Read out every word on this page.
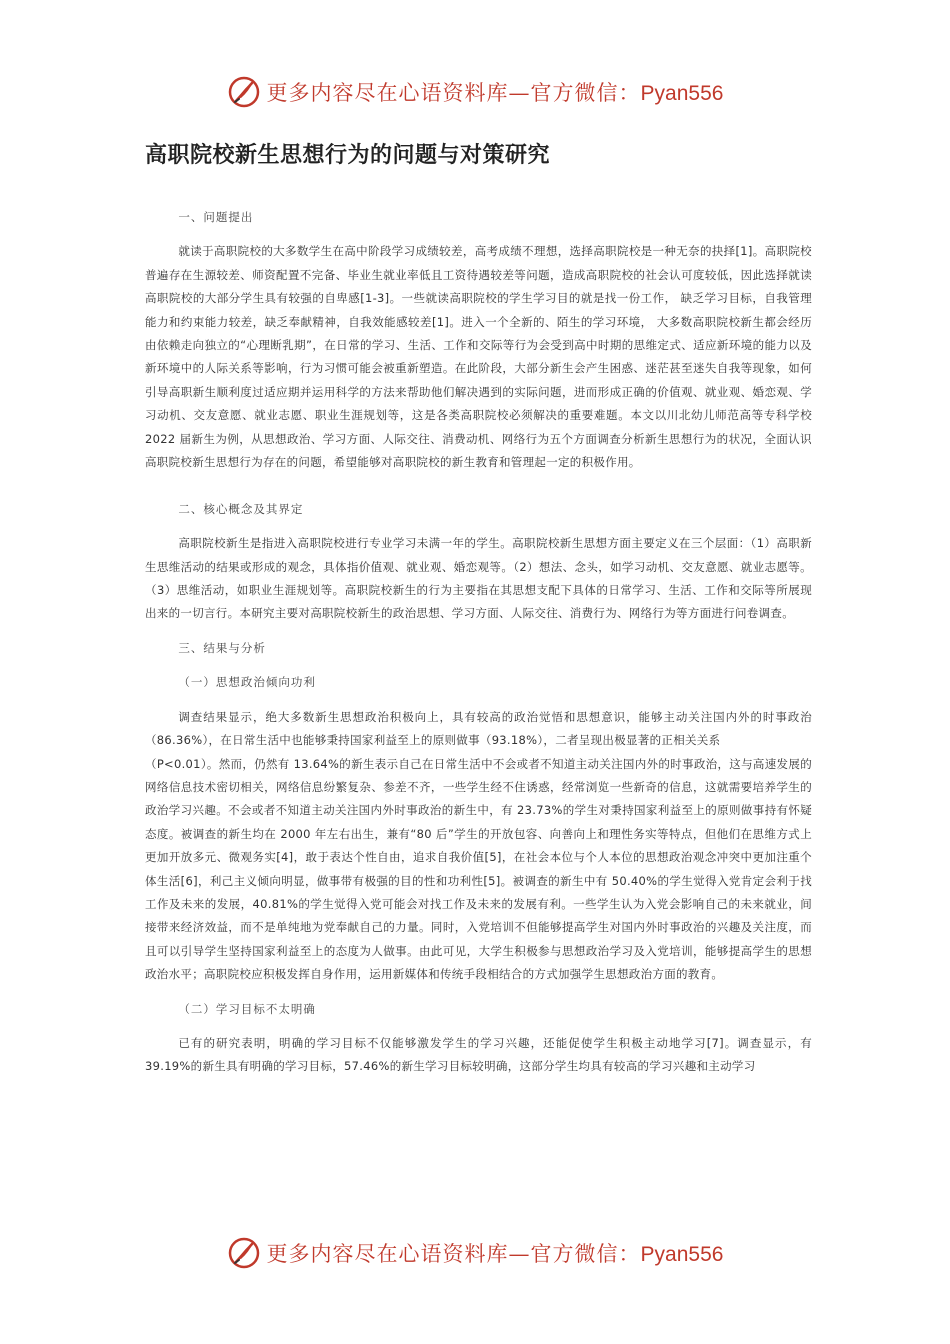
更多内容尽在心语资料库—官方微信：Pyan556
高职院校新生思想行为的问题与对策研究

一、问题提出

就读于高职院校的大多数学生在高中阶段学习成绩较差，高考成绩不理想，选择高职院校是一种无奈的抉择[1]。高职院校普遍存在生源较差、师资配置不完备、毕业生就业率低且工资待遇较差等问题，造成高职院校的社会认可度较低，因此选择就读高职院校的大部分学生具有较强的自卑感[1-3]。一些就读高职院校的学生学习目的就是找一份工作， 缺乏学习目标，自我管理能力和约束能力较差，缺乏奉献精神，自我效能感较差[1]。进入一个全新的、陌生的学习环境， 大多数高职院校新生都会经历由依赖走向独立的“心理断乳期”，在日常的学习、生活、工作和交际等行为会受到高中时期的思维定式、适应新环境的能力以及新环境中的人际关系等影响，行为习惯可能会被重新塑造。在此阶段，大部分新生会产生困惑、迷茫甚至迷失自我等现象，如何引导高职新生顺利度过适应期并运用科学的方法来帮助他们解决遇到的实际问题，进而形成正确的价值观、就业观、婚恋观、学习动机、交友意愿、就业志愿、职业生涯规划等，这是各类高职院校必须解决的重要难题。本文以川北幼儿师范高等专科学校 2022 届新生为例，从思想政治、学习方面、人际交往、消费动机、网络行为五个方面调查分析新生思想行为的状况，全面认识高职院校新生思想行为存在的问题，希望能够对高职院校的新生教育和管理起一定的积极作用。

二、核心概念及其界定

高职院校新生是指进入高职院校进行专业学习未满一年的学生。高职院校新生思想方面主要定义在三个层面：（1）高职新生思维活动的结果或形成的观念，具体指价值观、就业观、婚恋观等。（2）想法、念头，如学习动机、交友意愿、就业志愿等。（3）思维活动，如职业生涯规划等。高职院校新生的行为主要指在其思想支配下具体的日常学习、生活、工作和交际等所展现出来的一切言行。本研究主要对高职院校新生的政治思想、学习方面、人际交往、消费行为、网络行为等方面进行问卷调查。

三、结果与分析

（一）思想政治倾向功利

调查结果显示，绝大多数新生思想政治积极向上，具有较高的政治觉悟和思想意识，能够主动关注国内外的时事政治（86.36%），在日常生活中也能够秉持国家利益至上的原则做事（93.18%），二者呈现出极显著的正相关关系

（P<0.01）。然而，仍然有 13.64%的新生表示自己在日常生活中不会或者不知道主动关注国内外的时事政治，这与高速发展的网络信息技术密切相关，网络信息纷繁复杂、参差不齐，一些学生经不住诱惑，经常浏览一些新奇的信息，这就需要培养学生的政治学习兴趣。不会或者不知道主动关注国内外时事政治的新生中，有 23.73%的学生对秉持国家利益至上的原则做事持有怀疑态度。被调查的新生均在 2000 年左右出生，兼有“80 后”学生的开放包容、向善向上和理性务实等特点，但他们在思维方式上更加开放多元、微观务实[4]，敢于表达个性自由，追求自我价值[5]，在社会本位与个人本位的思想政治观念冲突中更加注重个体生活[6]，利己主义倾向明显，做事带有极强的目的性和功利性[5]。被调查的新生中有 50.40%的学生觉得入党肯定会利于找工作及未来的发展，40.81%的学生觉得入党可能会对找工作及未来的发展有利。一些学生认为入党会影响自己的未来就业，间接带来经济效益，而不是单纯地为党奉献自己的力量。同时，入党培训不但能够提高学生对国内外时事政治的兴趣及关注度，而且可以引导学生坚持国家利益至上的态度为人做事。由此可见，大学生积极参与思想政治学习及入党培训，能够提高学生的思想政治水平；高职院校应积极发挥自身作用，运用新媒体和传统手段相结合的方式加强学生思想政治方面的教育。

（二）学习目标不太明确

已有的研究表明，明确的学习目标不仅能够激发学生的学习兴趣，还能促使学生积极主动地学习[7]。调查显示，有 39.19%的新生具有明确的学习目标，57.46%的新生学习目标较明确，这部分学生均具有较高的学习兴趣和主动学习

更多内容尽在心语资料库—官方微信：Pyan556
